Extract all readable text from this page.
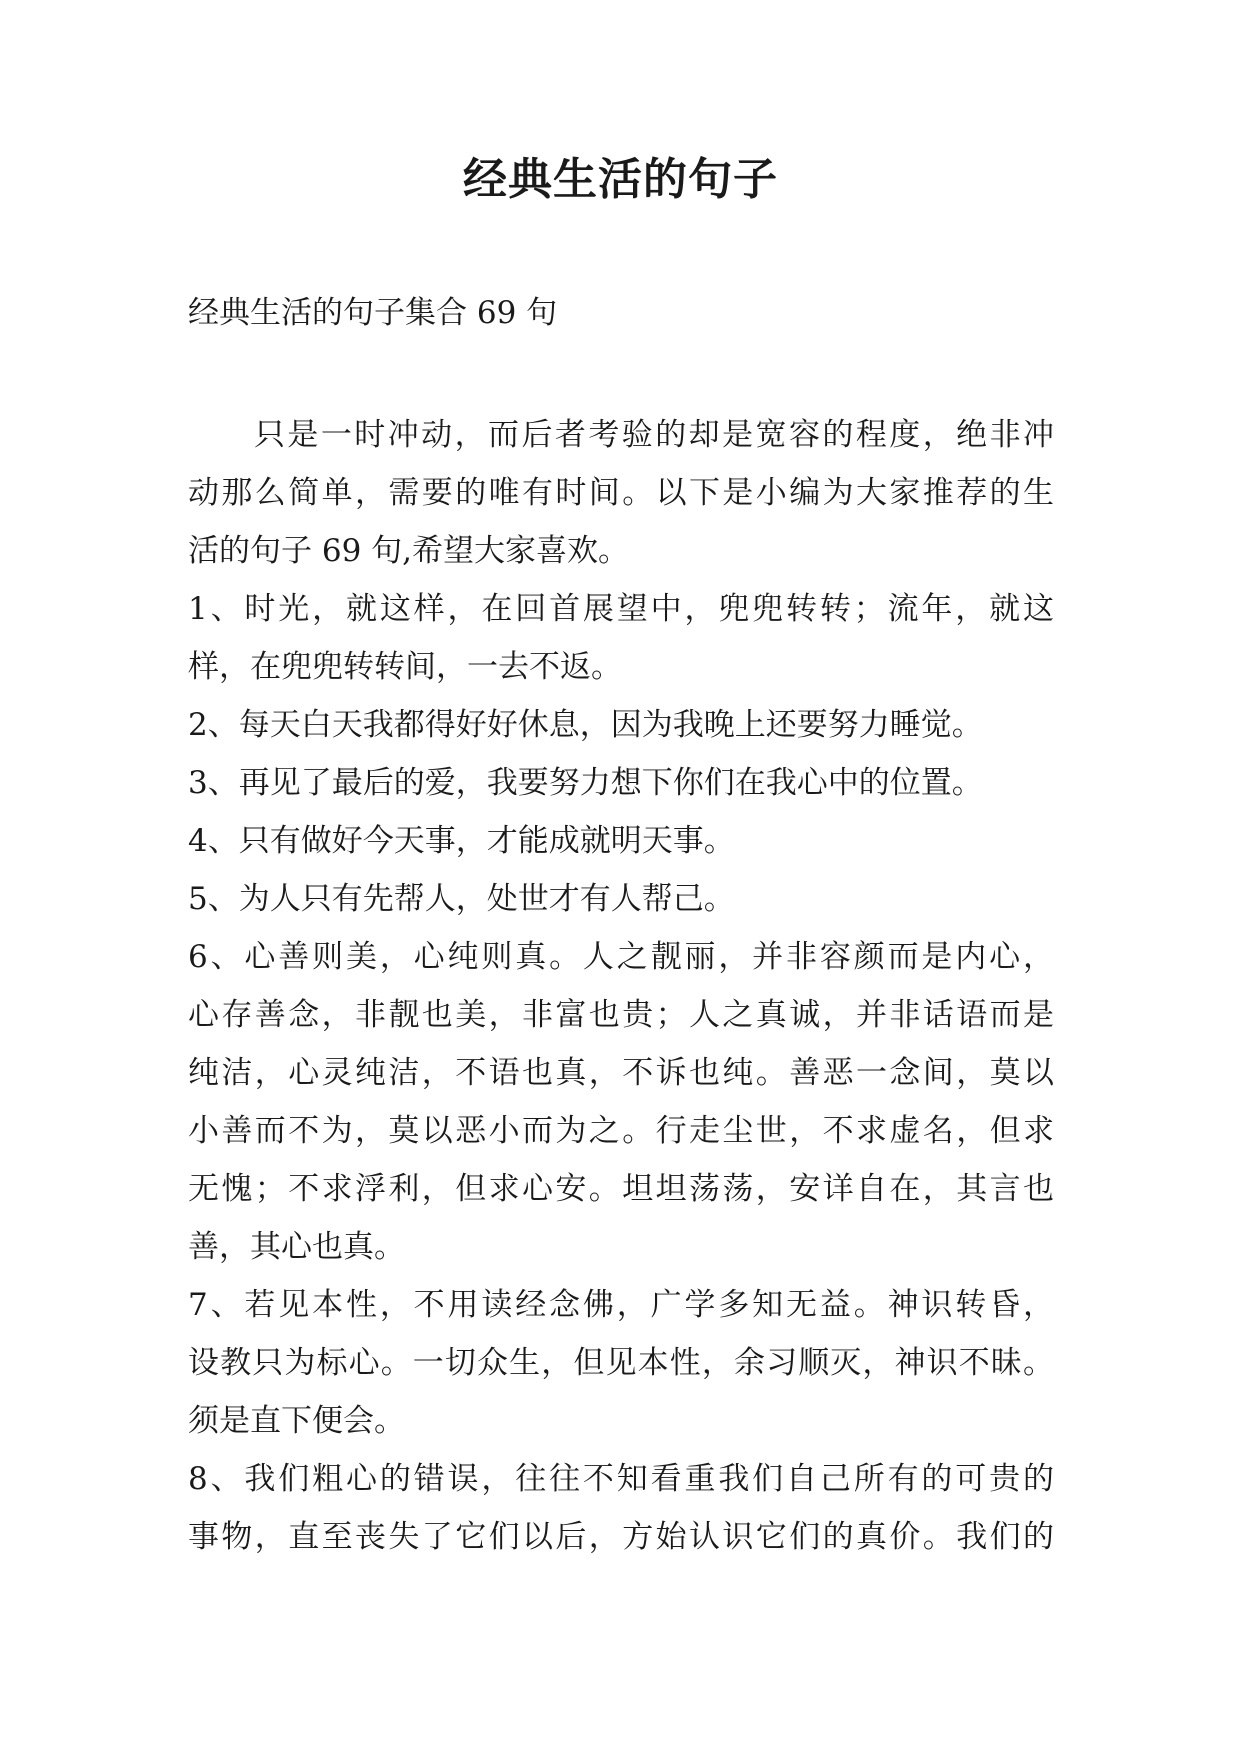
经典生活的句子
经典生活的句子集合 69 句
只是一时冲动，而后者考验的却是宽容的程度，绝非冲
动那么简单，需要的唯有时间。以下是小编为大家推荐的生
活的句子 69 句,希望大家喜欢。
1、时光，就这样，在回首展望中，兜兜转转；流年，就这
样，在兜兜转转间，一去不返。
2、每天白天我都得好好休息，因为我晚上还要努力睡觉。
3、再见了最后的爱，我要努力想下你们在我心中的位置。
4、只有做好今天事，才能成就明天事。
5、为人只有先帮人，处世才有人帮己。
6、心善则美，心纯则真。人之靓丽，并非容颜而是内心，
心存善念，非靓也美，非富也贵；人之真诚，并非话语而是
纯洁，心灵纯洁，不语也真，不诉也纯。善恶一念间，莫以
小善而不为，莫以恶小而为之。行走尘世，不求虚名，但求
无愧；不求浮利，但求心安。坦坦荡荡，安详自在，其言也
善，其心也真。
7、若见本性，不用读经念佛，广学多知无益。神识转昏，
设教只为标心。一切众生，但见本性，余习顺灭，神识不昧。
须是直下便会。
8、我们粗心的错误，往往不知看重我们自己所有的可贵的
事物，直至丧失了它们以后，方始认识它们的真价。我们的
